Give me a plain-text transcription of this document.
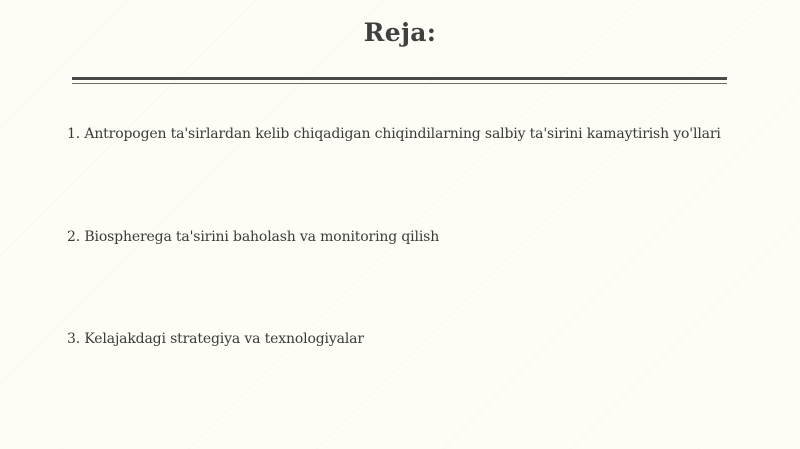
Reja:
1. Antropogen ta'sirlardan kelib chiqadigan chiqindilarning salbiy ta'sirini kamaytirish yo'llari
2. Biospherega ta'sirini baholash va monitoring qilish
3. Kelajakdagi strategiya va texnologiyalar
